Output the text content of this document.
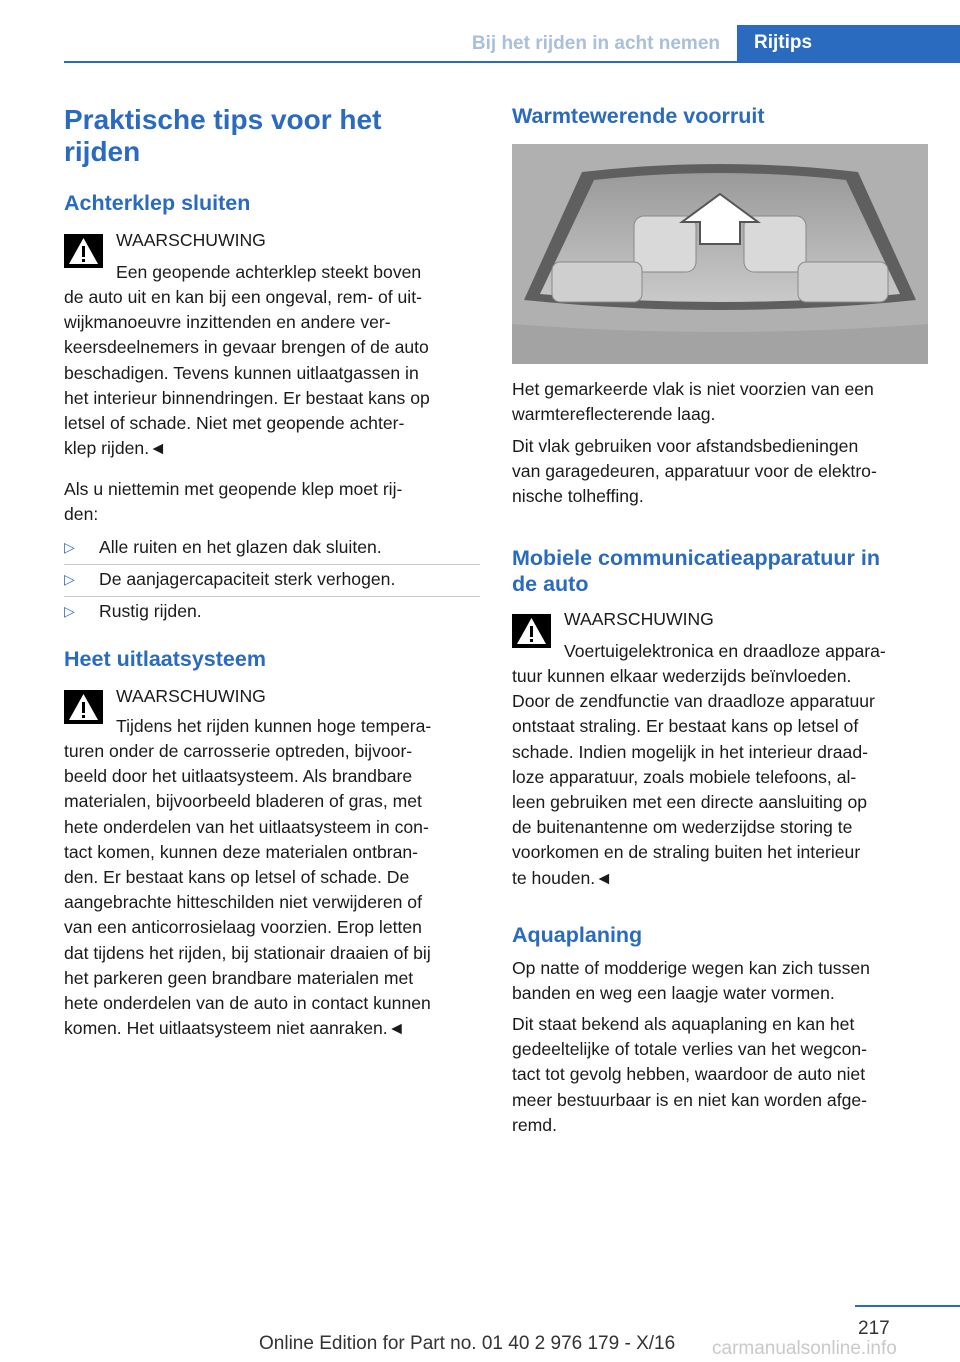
Bij het rijden in acht nemen Rijtips
Praktische tips voor het
rijden
Achterklep sluiten
WAARSCHUWING
Een geopende achterklep steekt boven
de auto uit en kan bij een ongeval, rem- of uit-
wijkmanoeuvre inzittenden en andere ver-
keersdeelnemers in gevaar brengen of de auto
beschadigen. Tevens kunnen uitlaatgassen in
het interieur binnendringen. Er bestaat kans op
letsel of schade. Niet met geopende achter-
klep rijden.◄
Als u niettemin met geopende klep moet rij-
den:
▷ Alle ruiten en het glazen dak sluiten.
▷ De aanjagercapaciteit sterk verhogen.
▷ Rustig rijden.
Heet uitlaatsysteem
WAARSCHUWING
Tijdens het rijden kunnen hoge tempera-
turen onder de carrosserie optreden, bijvoor-
beeld door het uitlaatsysteem. Als brandbare
materialen, bijvoorbeeld bladeren of gras, met
hete onderdelen van het uitlaatsysteem in con-
tact komen, kunnen deze materialen ontbran-
den. Er bestaat kans op letsel of schade. De
aangebrachte hitteschilden niet verwijderen of
van een anticorrosielaag voorzien. Erop letten
dat tijdens het rijden, bij stationair draaien of bij
het parkeren geen brandbare materialen met
hete onderdelen van de auto in contact kunnen
komen. Het uitlaatsysteem niet aanraken.◄
Warmtewerende voorruit
Het gemarkeerde vlak is niet voorzien van een
warmtereflecterende laag.
Dit vlak gebruiken voor afstandsbedieningen
van garagedeuren, apparatuur voor de elektro-
nische tolheffing.
Mobiele communicatieapparatuur in
de auto
WAARSCHUWING
Voertuigelektronica en draadloze appara-
tuur kunnen elkaar wederzijds beïnvloeden.
Door de zendfunctie van draadloze apparatuur
ontstaat straling. Er bestaat kans op letsel of
schade. Indien mogelijk in het interieur draad-
loze apparatuur, zoals mobiele telefoons, al-
leen gebruiken met een directe aansluiting op
de buitenantenne om wederzijdse storing te
voorkomen en de straling buiten het interieur
te houden.◄
Aquaplaning
Op natte of modderige wegen kan zich tussen
banden en weg een laagje water vormen.
Dit staat bekend als aquaplaning en kan het
gedeeltelijke of totale verlies van het wegcon-
tact tot gevolg hebben, waardoor de auto niet
meer bestuurbaar is en niet kan worden afge-
remd.
217
Online Edition for Part no. 01 40 2 976 179 - X/16 carmanualsonline.info
